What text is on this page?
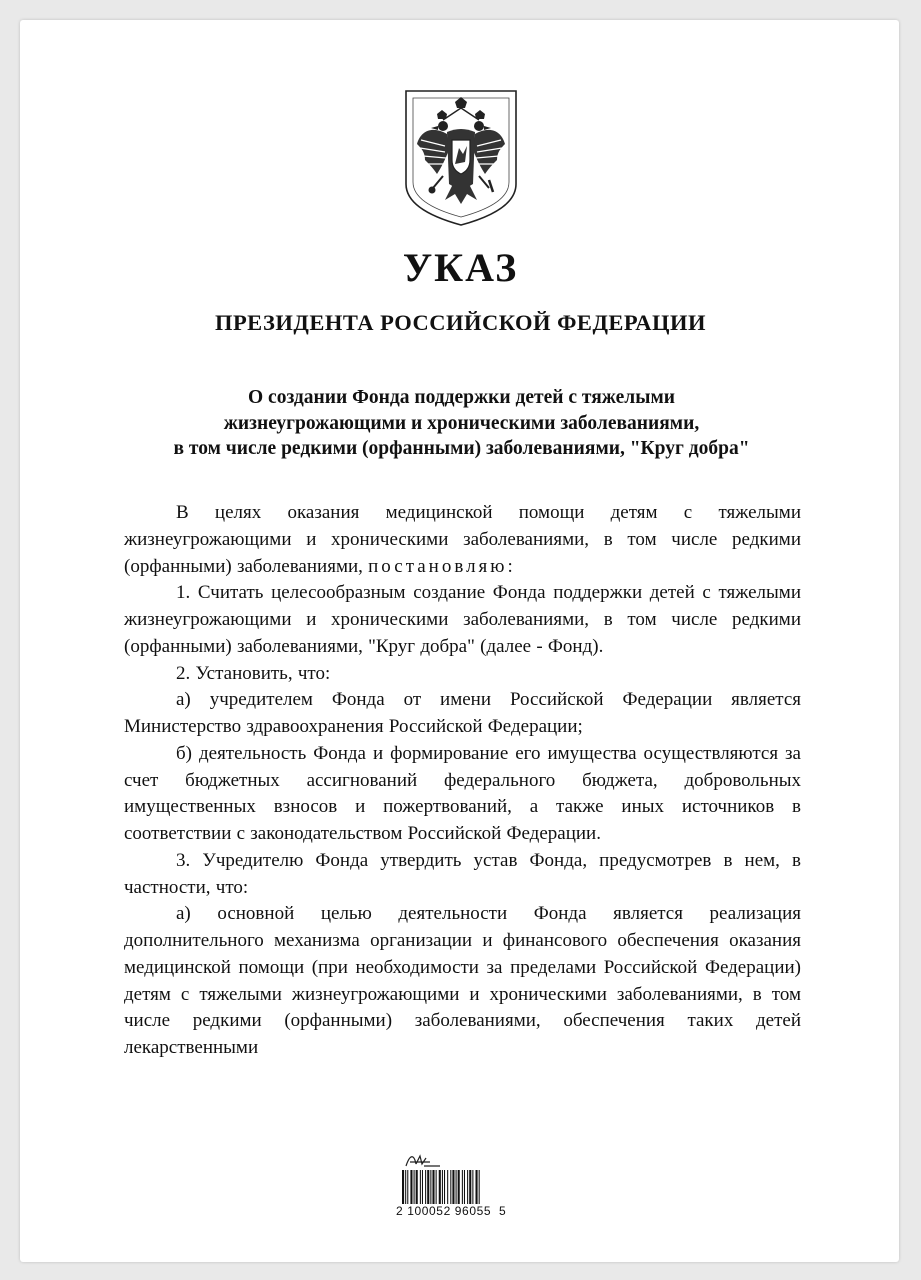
УКАЗ
ПРЕЗИДЕНТА РОССИЙСКОЙ ФЕДЕРАЦИИ
О создании Фонда поддержки детей с тяжелыми
жизнеугрожающими и хроническими заболеваниями,
в том числе редкими (орфанными) заболеваниями, "Круг добра"

В целях оказания медицинской помощи детям с тяжелыми жизнеугрожающими и хроническими заболеваниями, в том числе редкими (орфанными) заболеваниями, постановляю:

1. Считать целесообразным создание Фонда поддержки детей с тяжелыми жизнеугрожающими и хроническими заболеваниями, в том числе редкими (орфанными) заболеваниями, "Круг добра" (далее - Фонд).

2. Установить, что:

а) учредителем Фонда от имени Российской Федерации является Министерство здравоохранения Российской Федерации;

б) деятельность Фонда и формирование его имущества осуществляются за счет бюджетных ассигнований федерального бюджета, добровольных имущественных взносов и пожертвований, а также иных источников в соответствии с законодательством Российской Федерации.

3. Учредителю Фонда утвердить устав Фонда, предусмотрев в нем, в частности, что:

а) основной целью деятельности Фонда является реализация дополнительного механизма организации и финансового обеспечения оказания медицинской помощи (при необходимости за пределами Российской Федерации) детям с тяжелыми жизнеугрожающими и хроническими заболеваниями, в том числе редкими (орфанными) заболеваниями, обеспечения таких детей лекарственными

2 100052 96055  5
